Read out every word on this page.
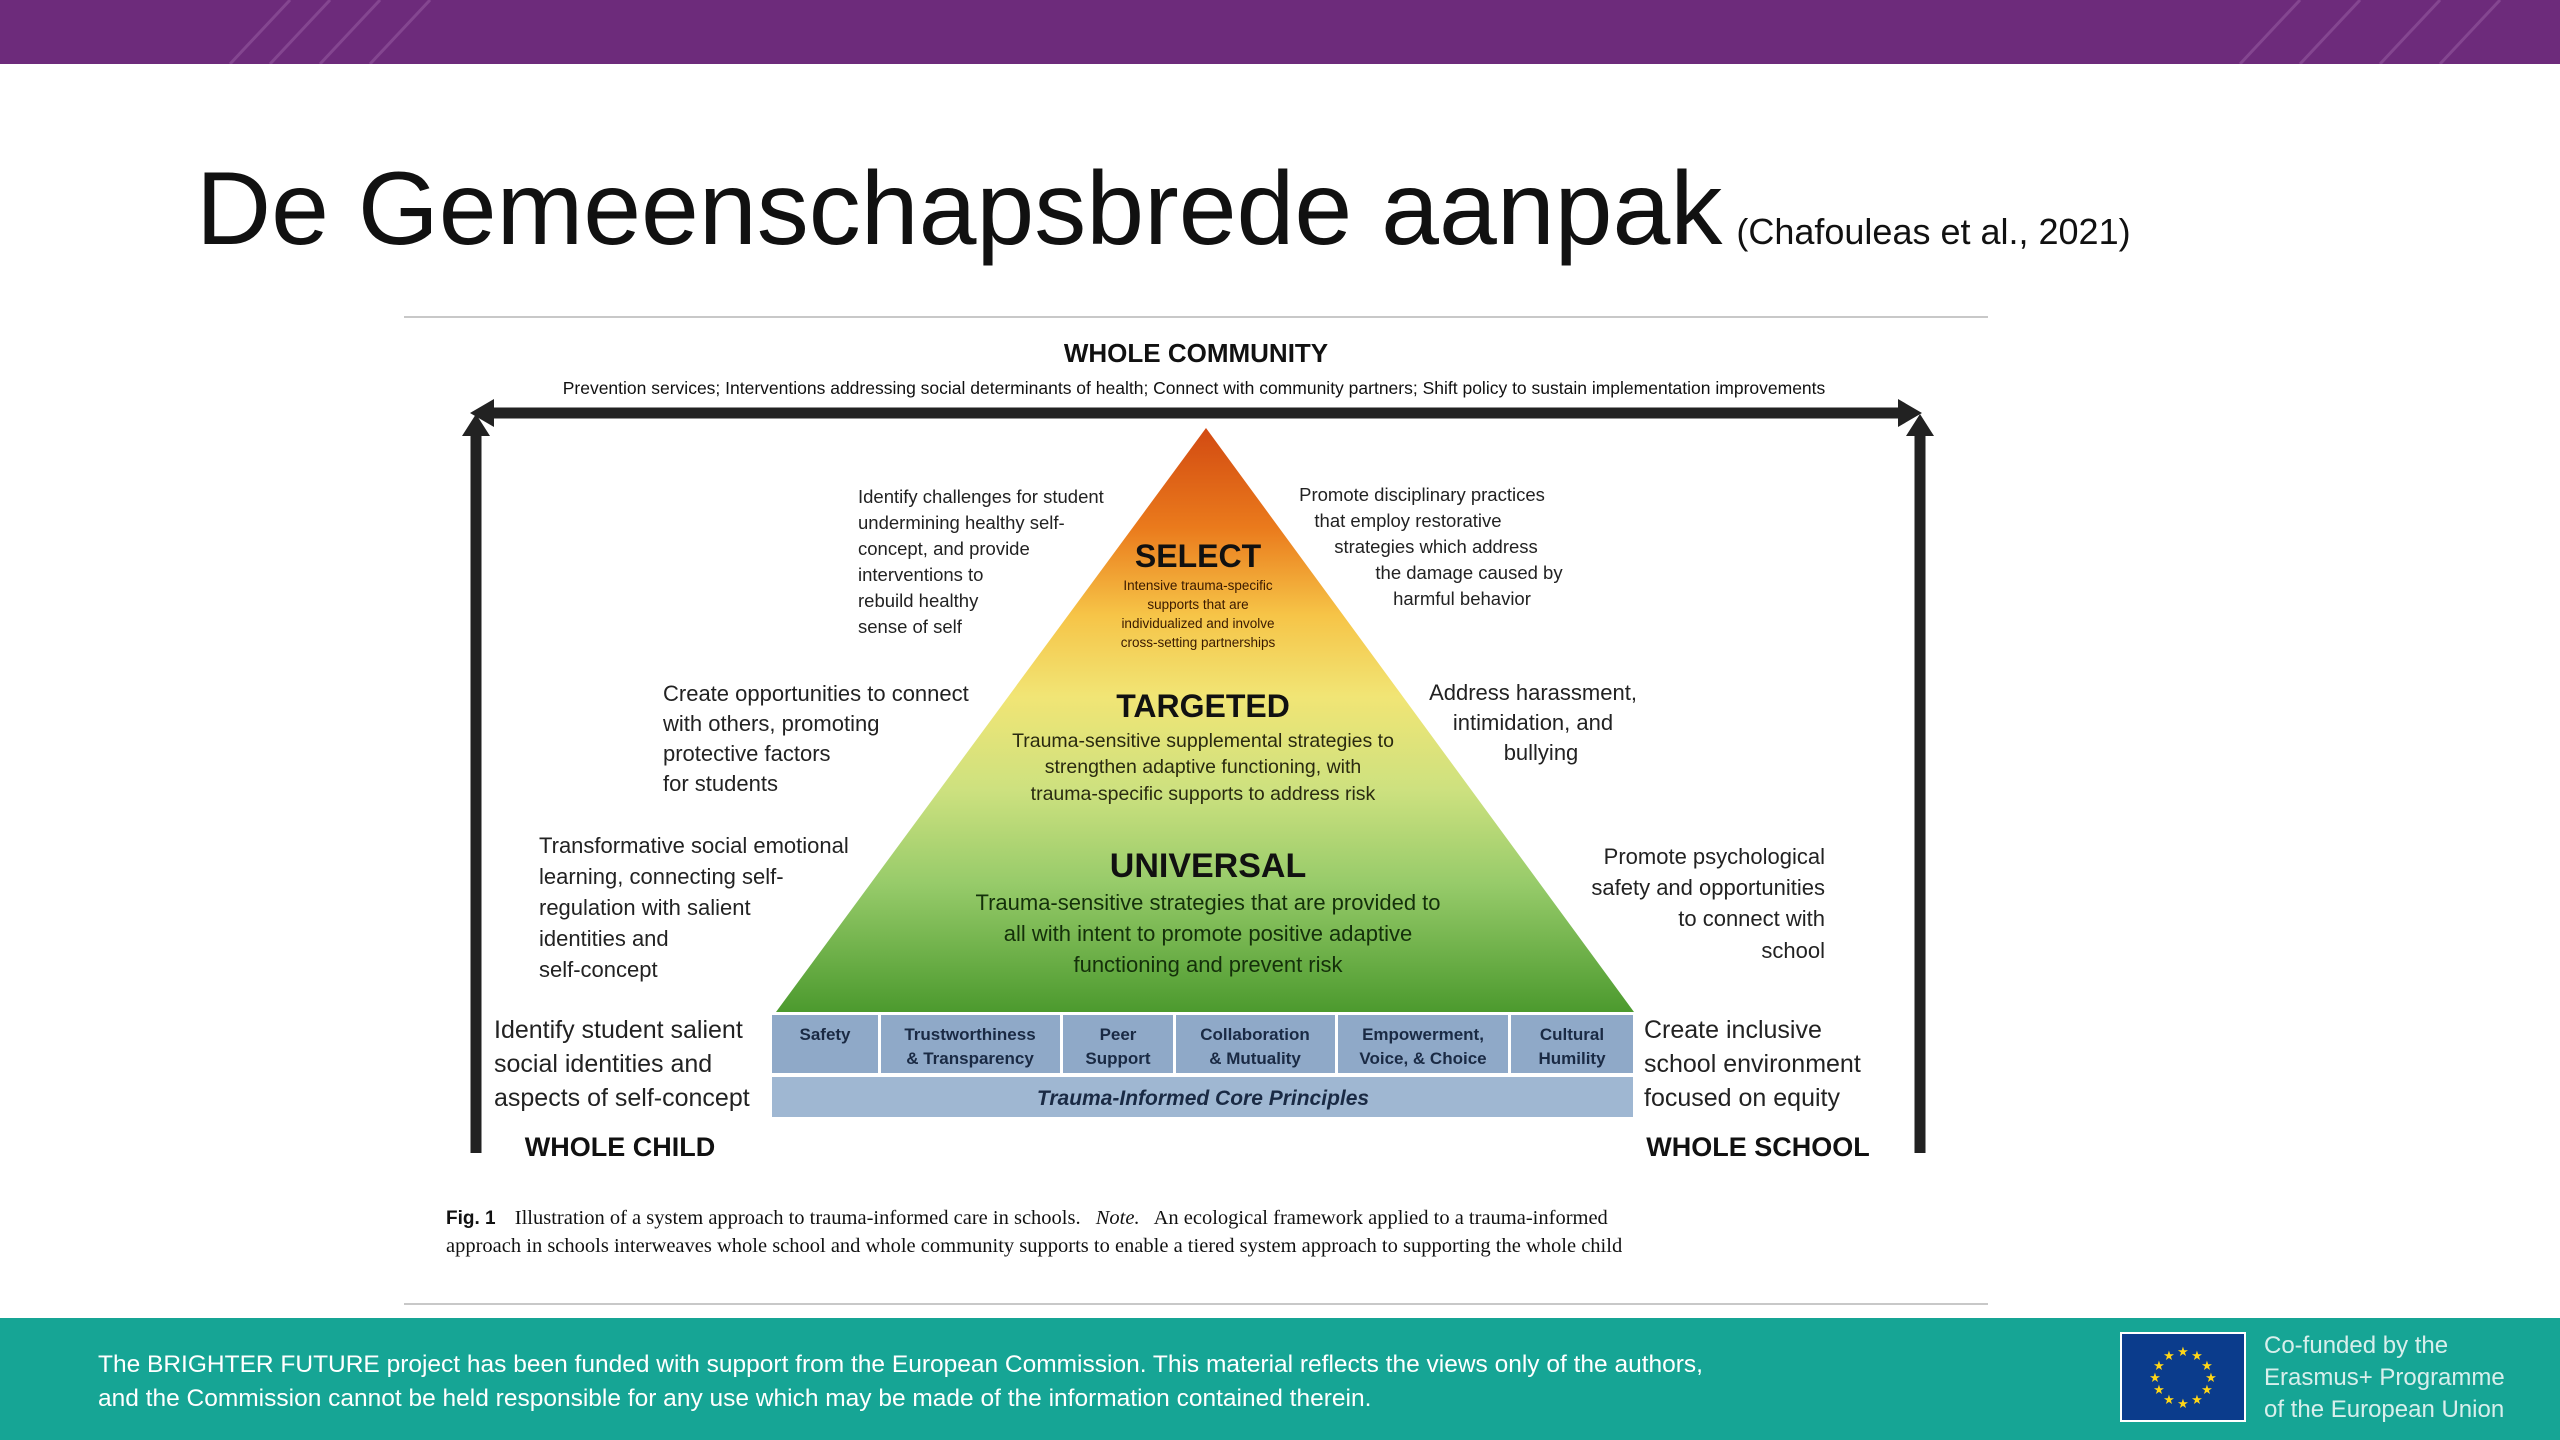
De Gemeenschapsbrede aanpak (Chafouleas et al., 2021)
WHOLE COMMUNITY
Prevention services; Interventions addressing social determinants of health; Connect with community partners; Shift policy to sustain implementation improvements
SELECT
Intensive trauma-specific
supports that are
individualized and involve
cross-setting partnerships
TARGETED
Trauma-sensitive supplemental strategies to
strengthen adaptive functioning, with
trauma-specific supports to address risk
UNIVERSAL
Trauma-sensitive strategies that are provided to
all with intent to promote positive adaptive
functioning and prevent risk
Identify challenges for student
undermining healthy self-
concept, and provide
interventions to
rebuild healthy
sense of self
Create opportunities to connect
with others, promoting
protective factors
for students
Transformative social emotional
learning, connecting self-
regulation with salient
identities and
self-concept
Identify student salient
social identities and
aspects of self-concept
Promote disciplinary practices
that employ restorative
strategies which address
the damage caused by
harmful behavior
Address harassment,
intimidation, and
bullying
Promote psychological
safety and opportunities
to connect with
school
Create inclusive
school environment
focused on equity
Safety	Trustworthiness
& Transparency
Peer
Support
Collaboration
& Mutuality
Empowerment,
Voice, & Choice
Cultural
Humility
Trauma-Informed Core Principles
WHOLE CHILD	WHOLE SCHOOL
Fig. 1 Illustration of a system approach to trauma-informed care in schools. Note. An ecological framework applied to a trauma-informed
approach in schools interweaves whole school and whole community supports to enable a tiered system approach to supporting the whole child
The BRIGHTER FUTURE project has been funded with support from the European Commission. This material reflects the views only of the authors,
and the Commission cannot be held responsible for any use which may be made of the information contained therein.
★ ★
★
★
★
★
★
★
★
★
★
★	Co-funded by the
Erasmus+ Programme
of the European Union
